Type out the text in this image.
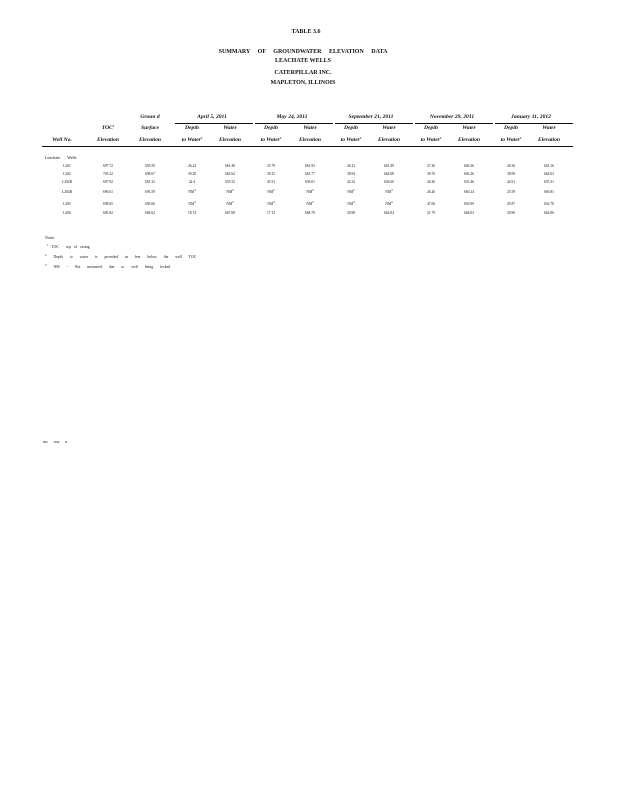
TABLE 3.6
SUMMARY OF GROUNDWATER ELEVATION DATA
LEACHATE WELLS
CATERPILLAR INC.
MAPLETON, ILLINOIS
Groun d	April 5, 2011	May 24, 2011	September 21, 2011	November 29, 2011	January 11, 2012
TOC$^1$	Surface	Depth	Water	Depth	Water	Depth	Water	Depth	Water	Depth	Water
Well No.	Elevation	Elevation	to Water$^2$	Elevation	to Water$^2$	Elevation	to Water$^2$	Elevation	to Water$^2$	Elevation	to Water$^2$	Elevation
Leachate Wells
L201	697.72	693.59	26.24	661.48	25.79	661.93	26.23	661.49	27.26	660.26	26.56	661.16
L202	703.22	698.67	39.20	663.62	39.25	663.77	38.94	664.08	39.76	663.26	38.99	664.03
L202R	697.92	691.32	42.4	655.52	41.91	656.01	42.32	656.60	44.26	653.46	42.61	655.31
L204R	696.61	693.59	$NM^3$	$NM^3$	$NM^3$	$NM^3$	$NM^3$	$NM^3$	26.26	660.24	25.59	660.81
L205	698.65	695.66	$NM^3$	$NM^3$	$NM^3$	$NM^3$	$NM^3$	$NM^3$	47.66	650.99	45.87	652.78
L206	685.82	684.62	18.74	667.08	17.12	668.70	20.98	664.84	21.79	664.03	20.96	664.86
Notes:
$^1$ TOC - top of casing
$^2$ Depth to water is provided in feet below the well TOC
$^3$ NM - Not measured due to well being locked
rns rrsa n
